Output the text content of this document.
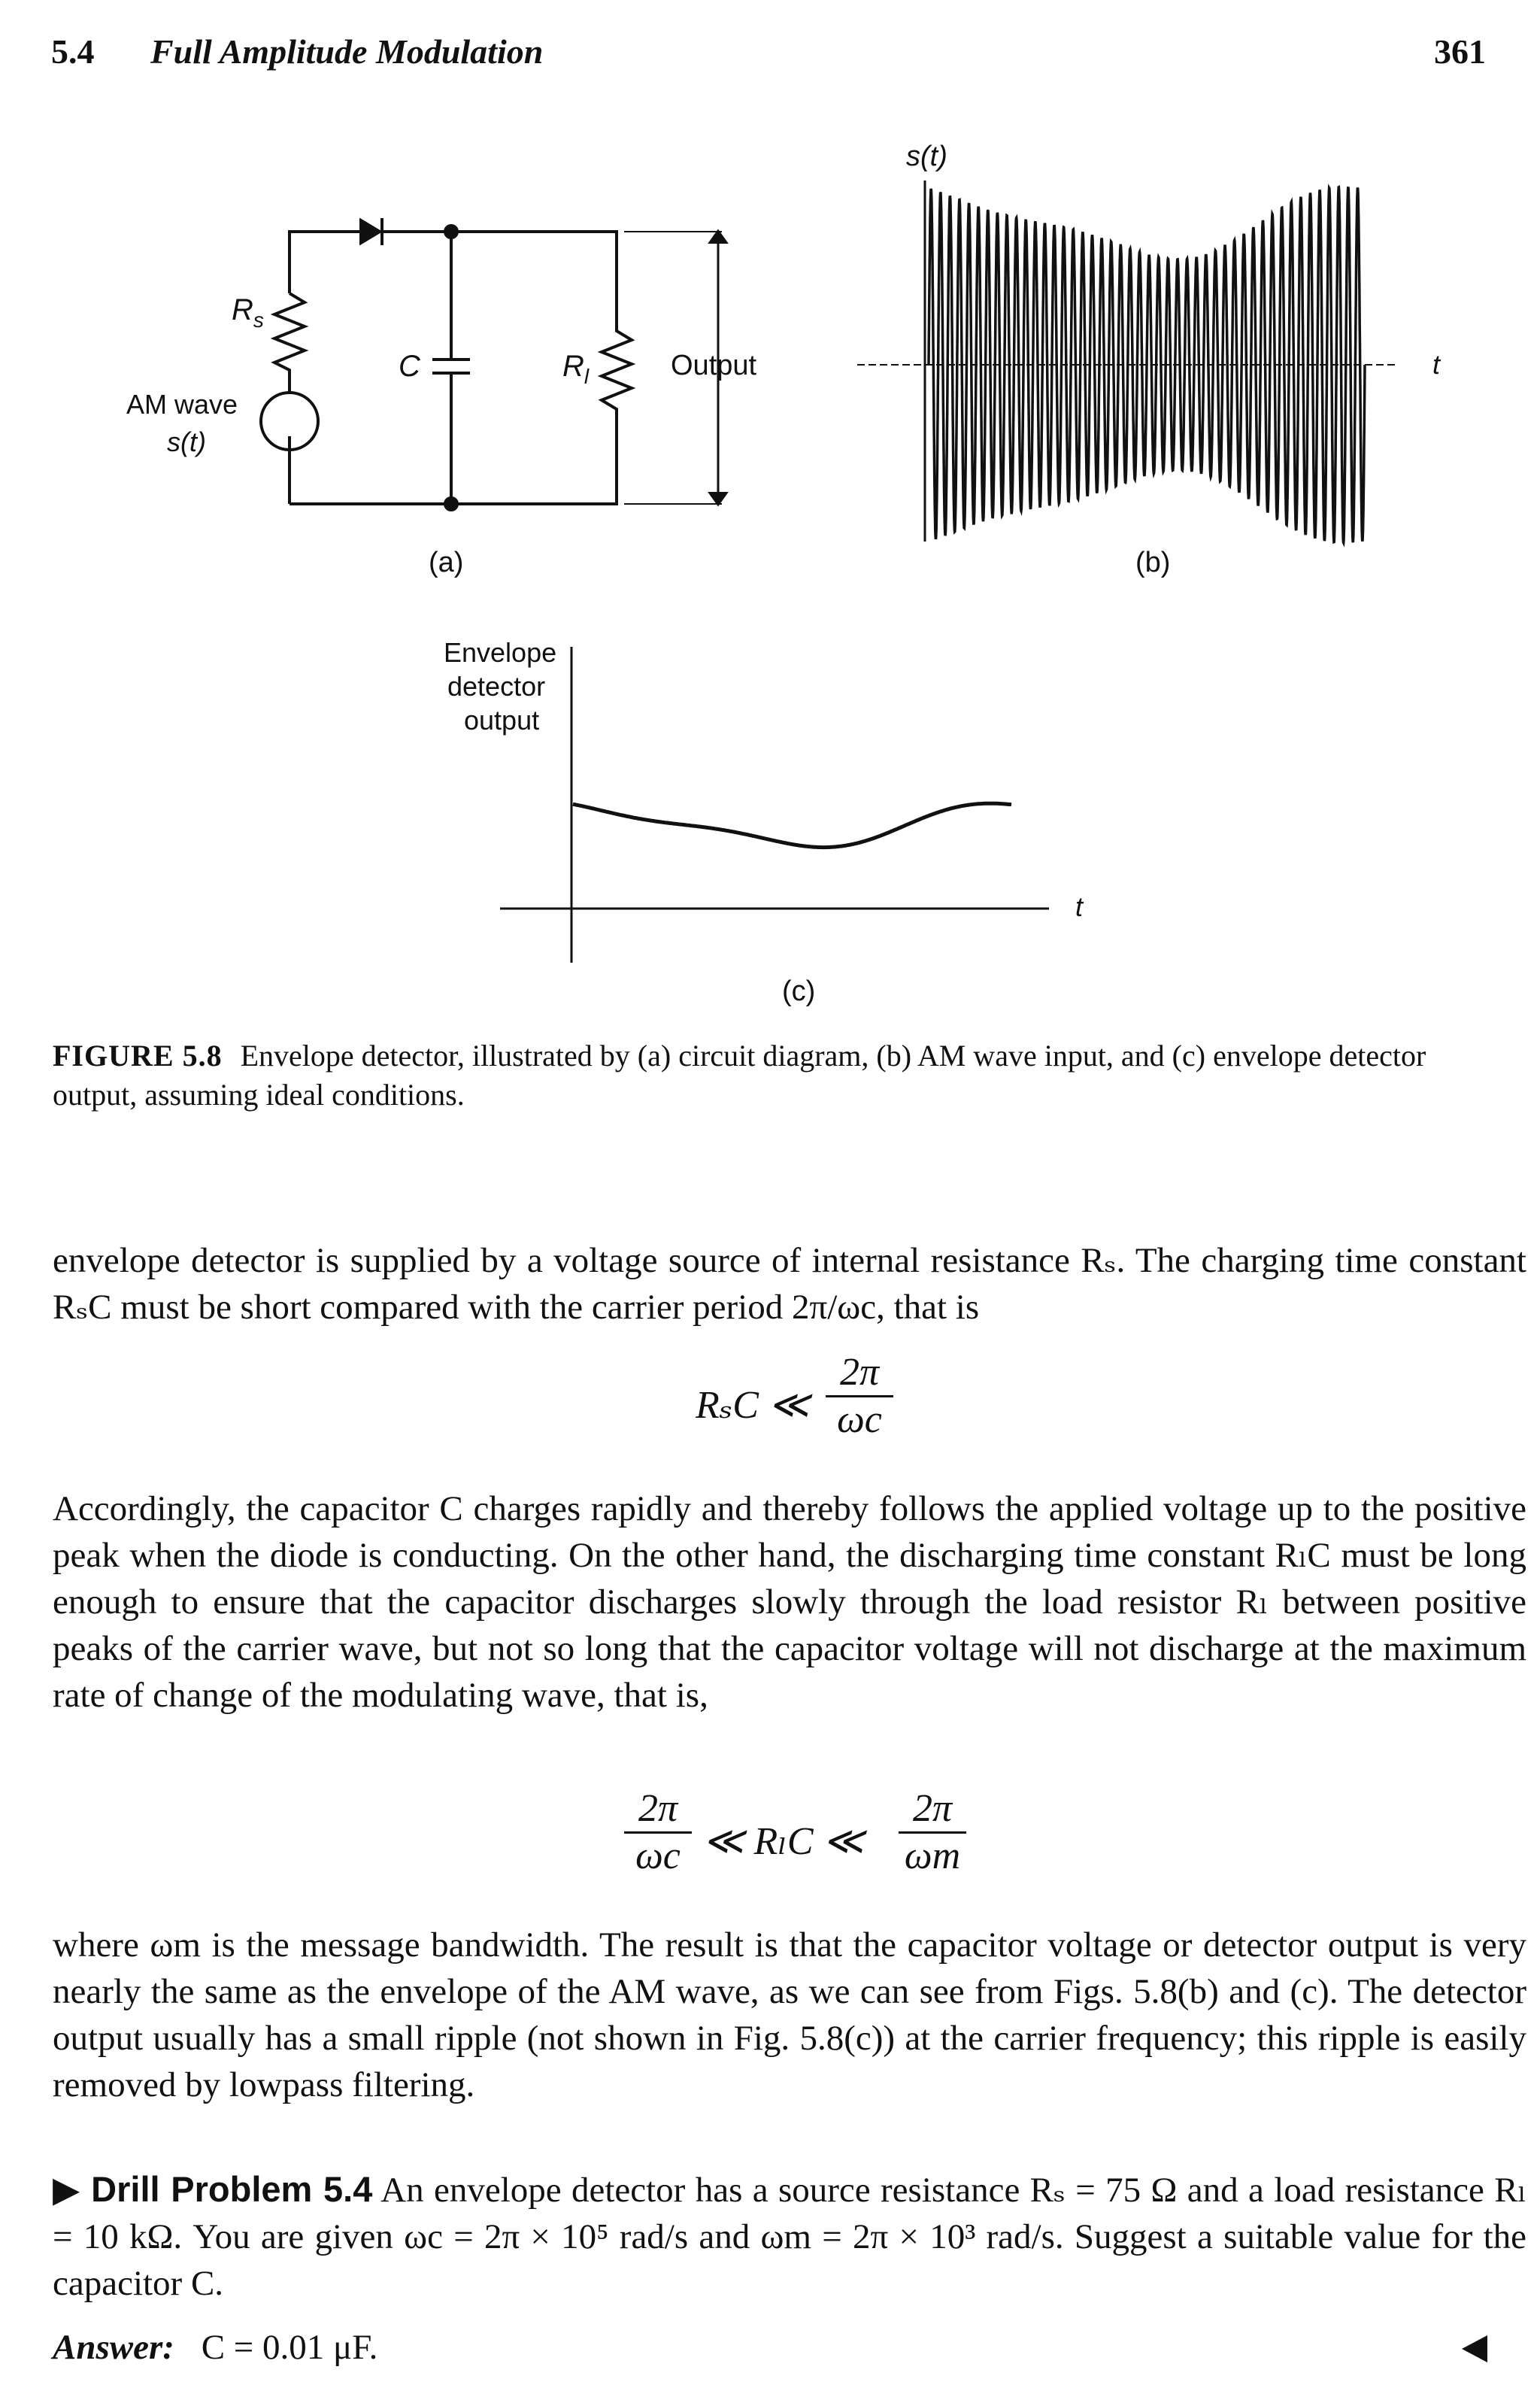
5.4 Full Amplitude Modulation	361
$R_s$
C	$R_l$	Output
AM wave
s(t)
(a)
s(t)
t
(b)
Envelope
detector
output
t
(c)
FIGURE 5.8 Envelope detector, illustrated by (a) circuit diagram, (b) AM wave input, and (c) envelope detector output, assuming ideal conditions.
envelope detector is supplied by a voltage source of internal resistance Rₛ. The charging time constant RₛC must be short compared with the carrier period 2π/ωc, that is
RₛC ≪ $\frac{2\pi}{\omega c}$
Accordingly, the capacitor C charges rapidly and thereby follows the applied voltage up to the positive peak when the diode is conducting. On the other hand, the discharging time constant RₗC must be long enough to ensure that the capacitor discharges slowly through the load resistor Rₗ between positive peaks of the carrier wave, but not so long that the capacitor voltage will not discharge at the maximum rate of change of the modulating wave, that is,
$\frac{2\pi}{\omega c}$ ≪ RₗC ≪ $\frac{2\pi}{\omega m}$
where ωm is the message bandwidth. The result is that the capacitor voltage or detector output is very nearly the same as the envelope of the AM wave, as we can see from Figs. 5.8(b) and (c). The detector output usually has a small ripple (not shown in Fig. 5.8(c)) at the carrier frequency; this ripple is easily removed by lowpass filtering.
▶ Drill Problem 5.4 An envelope detector has a source resistance Rₛ = 75 Ω and a load resistance Rₗ = 10 kΩ. You are given ωc = 2π × 10⁵ rad/s and ωm = 2π × 10³ rad/s. Suggest a suitable value for the capacitor C.
Answer: C = 0.01 μF.
